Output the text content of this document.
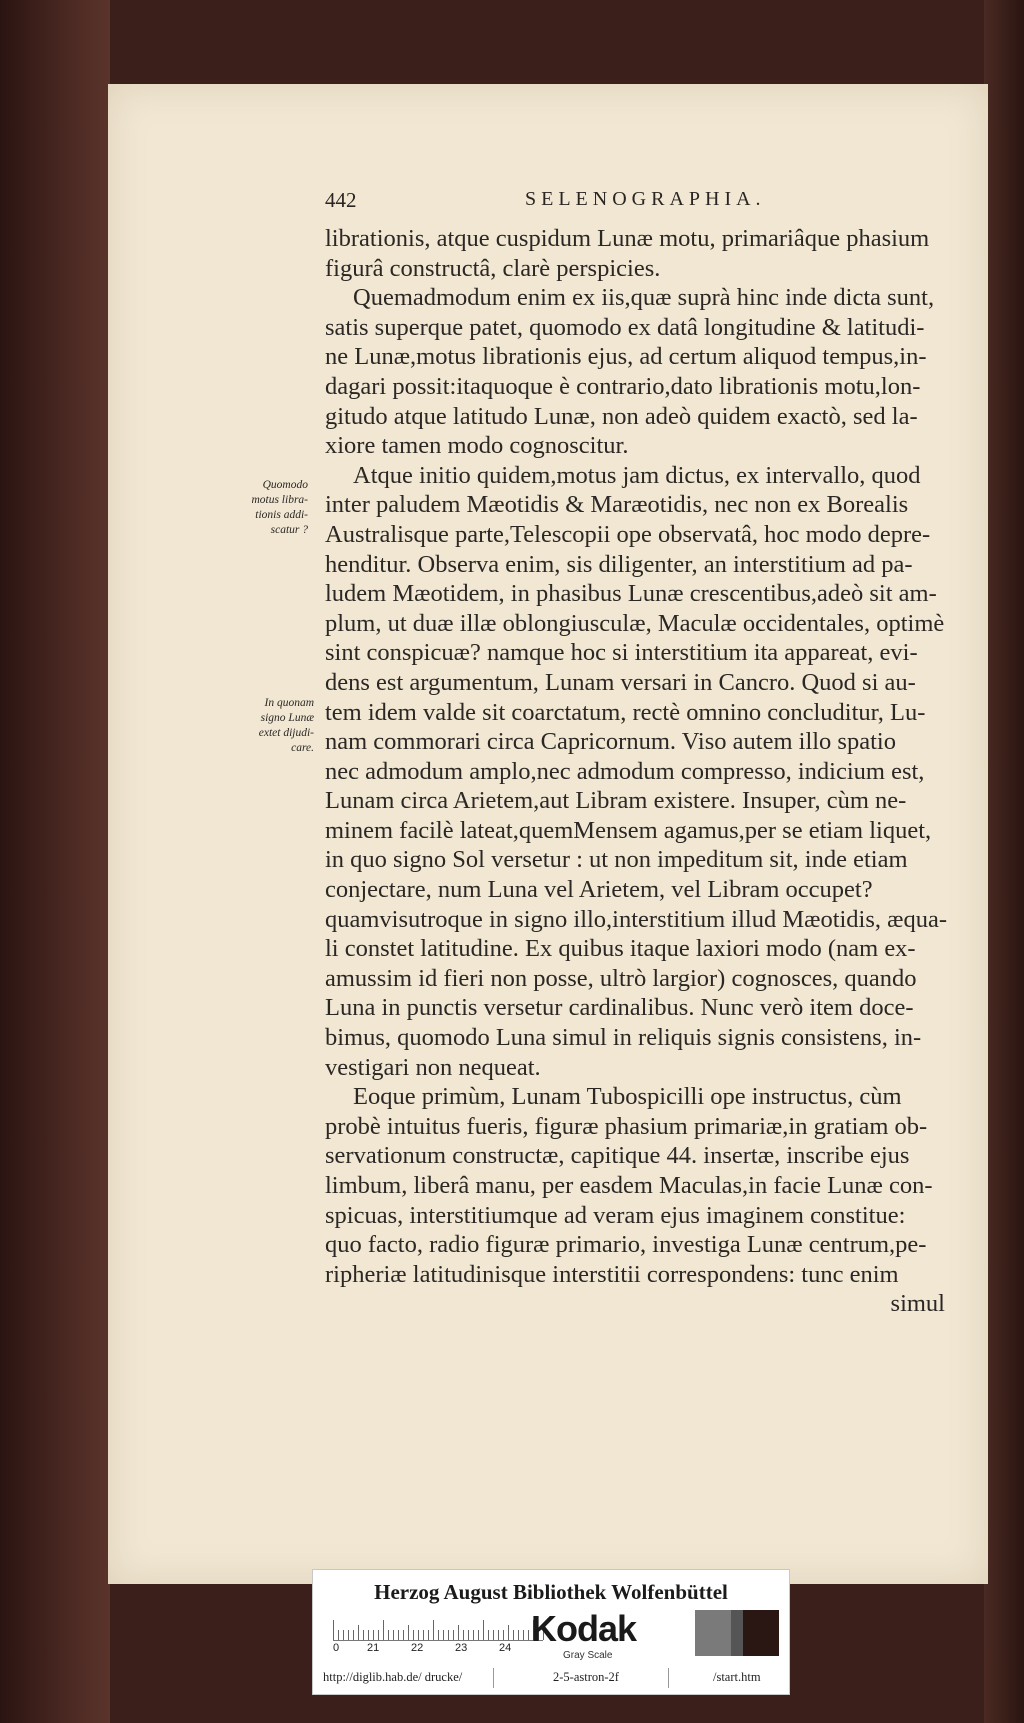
442	SELENOGRAPHIA.
Quomodo
motus libra-
tionis addi-
scatur ?
In quonam
signo Lunæ
extet dijudi-
care.

librationis, atque cuspidum Lunæ motu, primariâque phasium
figurâ constructâ, clarè perspicies.

Quemadmodum enim ex iis,quæ suprà hinc inde dicta sunt,
satis superque patet, quomodo ex datâ longitudine & latitudi-
ne Lunæ,motus librationis ejus, ad certum aliquod tempus,in-
dagari possit:itaquoque è contrario,dato librationis motu,lon-
gitudo atque latitudo Lunæ, non adeò quidem exactò, sed la-
xiore tamen modo cognoscitur.

Atque initio quidem,motus jam dictus, ex intervallo, quod
inter paludem Mæotidis & Maræotidis, nec non ex Borealis
Australisque parte,Telescopii ope observatâ, hoc modo depre-
henditur. Observa enim, sis diligenter, an interstitium ad pa-
ludem Mæotidem, in phasibus Lunæ crescentibus,adeò sit am-
plum, ut duæ illæ oblongiusculæ, Maculæ occidentales, optimè
sint conspicuæ? namque hoc si interstitium ita appareat, evi-
dens est argumentum, Lunam versari in Cancro. Quod si au-
tem idem valde sit coarctatum, rectè omnino concluditur, Lu-
nam commorari circa Capricornum. Viso autem illo spatio
nec admodum amplo,nec admodum compresso, indicium est,
Lunam circa Arietem,aut Libram existere. Insuper, cùm ne-
minem facilè lateat,quemMensem agamus,per se etiam liquet,
in quo signo Sol versetur : ut non impeditum sit, inde etiam
conjectare, num Luna vel Arietem, vel Libram occupet?
quamvisutroque in signo illo,interstitium illud Mæotidis, æqua-
li constet latitudine. Ex quibus itaque laxiori modo (nam ex-
amussim id fieri non posse, ultrò largior) cognosces, quando
Luna in punctis versetur cardinalibus. Nunc verò item doce-
bimus, quomodo Luna simul in reliquis signis consistens, in-
vestigari non nequeat.

Eoque primùm, Lunam Tubospicilli ope instructus, cùm
probè intuitus fueris, figuræ phasium primariæ,in gratiam ob-
servationum constructæ, capitique 44. insertæ, inscribe ejus
limbum, liberâ manu, per easdem Maculas,in facie Lunæ con-
spicuas, interstitiumque ad veram ejus imaginem constitue:
quo facto, radio figuræ primario, investiga Lunæ centrum,pe-
ripheriæ latitudinisque interstitii correspondens: tunc enim
simul

Herzog August Bibliothek Wolfenbüttel
0	21	22	23	24 Kodak
Gray Scale
http://diglib.hab.de/ drucke/	2-5-astron-2f	/start.htm
